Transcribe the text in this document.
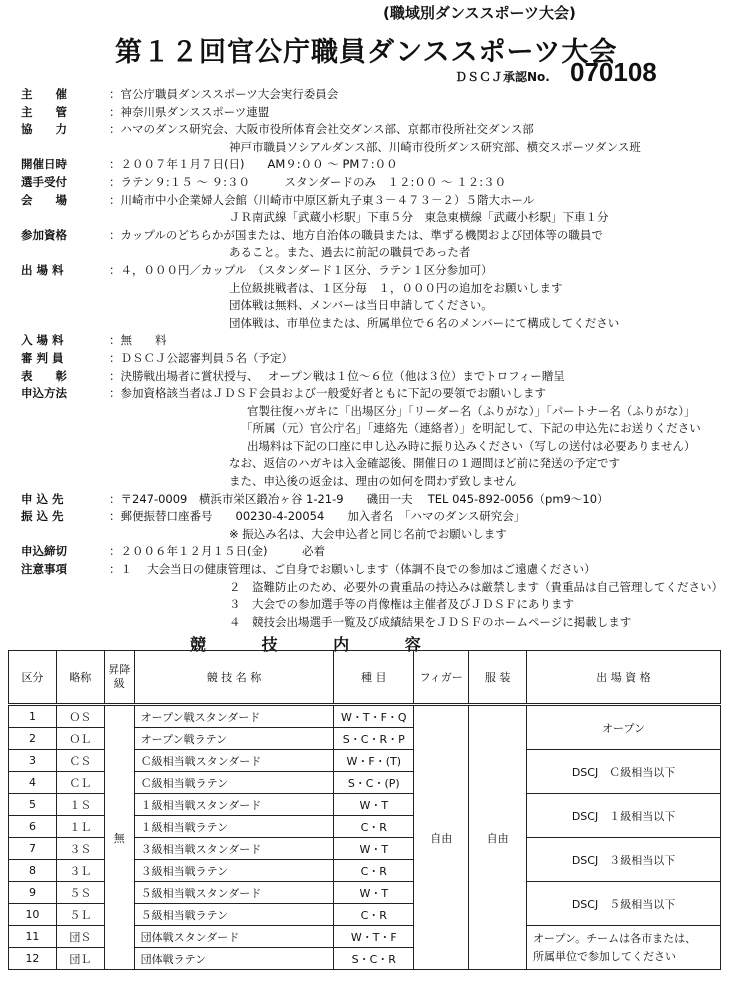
(職域別ダンススポーツ大会)
第１２回官公庁職員ダンススポーツ大会
ＤＳＣＪ承認No. 070108
主　　催	：官公庁職員ダンススポーツ大会実行委員会
主　　管	：神奈川県ダンススポーツ連盟
協　　力	：ハマのダンス研究会、大阪市役所体育会社交ダンス部、京都市役所社交ダンス部
神戸市職員ソシアルダンス部、川崎市役所ダンス研究部、横交スポーツダンス班
開催日時	：２００７年１月７日(日)　　AM９:００ ～ PM７:００
選手受付	：ラテン９:１５ ～ ９:３０　　　スタンダードのみ　１２:００ ～ １２:３０
会　　場	：川崎市中小企業婦人会館（川崎市中原区新丸子東３－４７３－２）５階大ホール
ＪＲ南武線「武蔵小杉駅」下車５分　東急東横線「武蔵小杉駅」下車１分
参加資格	：カップルのどちらかが国または、地方自治体の職員または、準ずる機関および団体等の職員で
あること。また、過去に前記の職員であった者
出 場 料	：４，０００円／カップル　（スタンダード１区分、ラテン１区分参加可）
上位級挑戦者は、１区分毎　１，０００円の追加をお願いします
団体戦は無料、メンバーは当日申請してください。
団体戦は、市単位または、所属単位で６名のメンバーにて構成してください
入 場 料	：無　　料
審 判 員	：ＤＳＣＪ公認審判員５名（予定）
表　　彰	：決勝戦出場者に賞状授与、　 オープン戦は１位～６位（他は３位）までトロフィー贈呈
申込方法	：参加資格該当者はＪＤＳＦ会員および一般愛好者ともに下記の要領でお願いします
官製往復ハガキに「出場区分」「リーダー名（ふりがな）」「パートナー名（ふりがな）」
「所属（元）官公庁名」「連絡先（連絡者）」を明記して、下記の申込先にお送りください
出場料は下記の口座に申し込み時に振り込みください（写しの送付は必要ありません）
なお、返信のハガキは入金確認後、開催日の１週間ほど前に発送の予定です
また、申込後の返金は、理由の如何を問わず致しません
申 込 先	：〒247-0009　横浜市栄区鍛冶ヶ谷 1-21-9　　磯田一夫　 TEL 045-892-0056（pm9～10）
振 込 先	：郵便振替口座番号　　00230-4-20054　　加入者名　「ハマのダンス研究会」
※ 振込み名は、大会申込者と同じ名前でお願いします
申込締切	：２００６年１２月１５日(金)　　　必着
注意事項	：１　 大会当日の健康管理は、ご自身でお願いします（体調不良での参加はご遠慮ください）
２　盗難防止のため、必要外の貴重品の持込みは厳禁します（貴重品は自己管理してください）
３　大会での参加選手等の肖像権は主催者及びＪＤＳＦにあります
４　競技会出場選手一覧及び成績結果をＪＤＳＦのホームページに掲載します
競 技 内 容
区分	略称	昇降級	競 技 名 称	種 目	フィガー	服 装	出 場 資 格
1	ＯＳ	無	オープン戦スタンダード	W・T・F・Q	自由	自由	オープン
2	ＯＬ		オープン戦ラテン	S・C・R・P			
3	ＣＳ		Ｃ級相当戦スタンダード	W・F・(T)			DSCJ　Ｃ級相当以下
4	ＣＬ		Ｃ級相当戦ラテン	S・C・(P)			
5	１Ｓ		１級相当戦スタンダード	W・T			DSCJ　１級相当以下
6	１Ｌ		１級相当戦ラテン	C・R			
7	３Ｓ		３級相当戦スタンダード	W・T			DSCJ　３級相当以下
8	３Ｌ		３級相当戦ラテン	C・R			
9	５Ｓ		５級相当戦スタンダード	W・T			DSCJ　５級相当以下
10	５Ｌ		５級相当戦ラテン	C・R			
11	団Ｓ		団体戦スタンダード	W・T・F			オープン。チームは各市または、
所属単位で参加してください

12	団Ｌ		団体戦ラテン	S・C・R			
